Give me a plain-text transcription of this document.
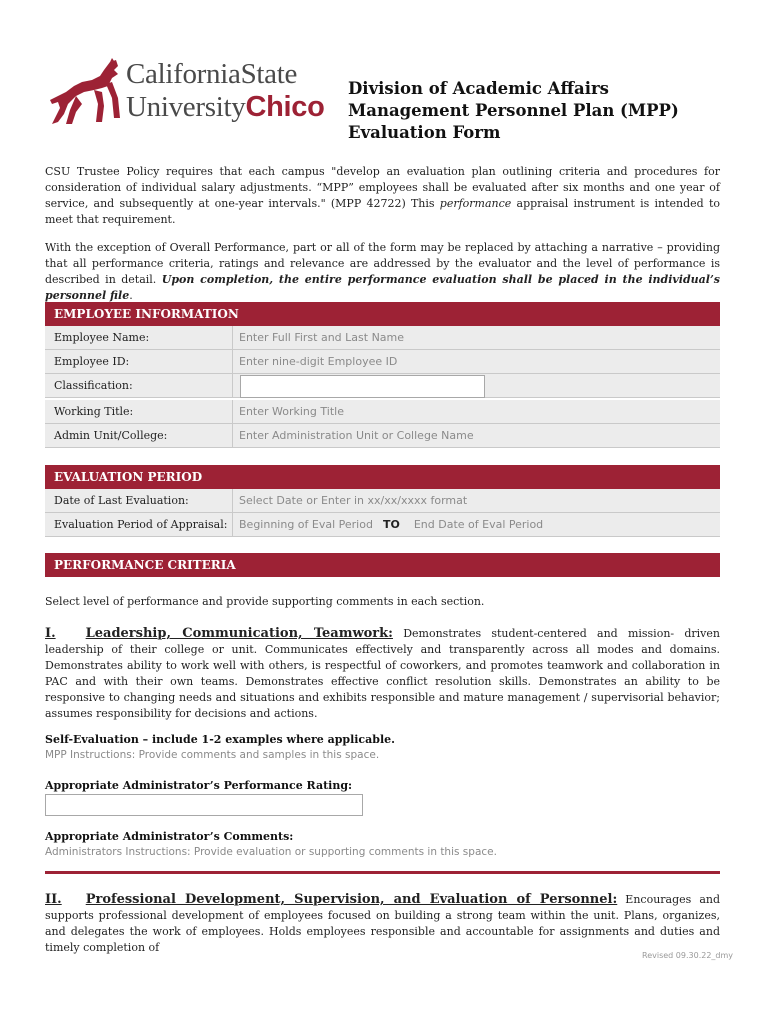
CaliforniaState
UniversityChico
Division of Academic Affairs
Management Personnel Plan (MPP)
Evaluation Form
CSU Trustee Policy requires that each campus "develop an evaluation plan outlining criteria and procedures for consideration of individual salary adjustments. “MPP” employees shall be evaluated after six months and one year of service, and subsequently at one-year intervals." (MPP 42722) This performance appraisal instrument is intended to meet that requirement.
With the exception of Overall Performance, part or all of the form may be replaced by attaching a narrative – providing that all performance criteria, ratings and relevance are addressed by the evaluator and the level of performance is described in detail. Upon completion, the entire performance evaluation shall be placed in the individual’s personnel file.
EMPLOYEE INFORMATION
Employee Name:	Enter Full First and Last Name
Employee ID:	Enter nine-digit Employee ID
Classification:
Working Title:	Enter Working Title
Admin Unit/College:	Enter Administration Unit or College Name
EVALUATION PERIOD
Date of Last Evaluation:	Select Date or Enter in xx/xx/xxxx format
Evaluation Period of Appraisal: Beginning of Eval Period TO End Date of Eval Period
PERFORMANCE CRITERIA
Select level of performance and provide supporting comments in each section.
I. Leadership, Communication, Teamwork: Demonstrates student-centered and mission- driven leadership of their college or unit. Communicates effectively and transparently across all modes and domains. Demonstrates ability to work well with others, is respectful of coworkers, and promotes teamwork and collaboration in PAC and with their own teams. Demonstrates effective conflict resolution skills. Demonstrates an ability to be responsive to changing needs and situations and exhibits responsible and mature management / supervisorial behavior; assumes responsibility for decisions and actions.
Self-Evaluation – include 1-2 examples where applicable.
MPP Instructions: Provide comments and samples in this space.
Appropriate Administrator’s Performance Rating:
Appropriate Administrator’s Comments:
Administrators Instructions: Provide evaluation or supporting comments in this space.
II. Professional Development, Supervision, and Evaluation of Personnel: Encourages and supports professional development of employees focused on building a strong team within the unit. Plans, organizes, and delegates the work of employees. Holds employees responsible and accountable for assignments and duties and timely completion of
Revised 09.30.22_dmy
